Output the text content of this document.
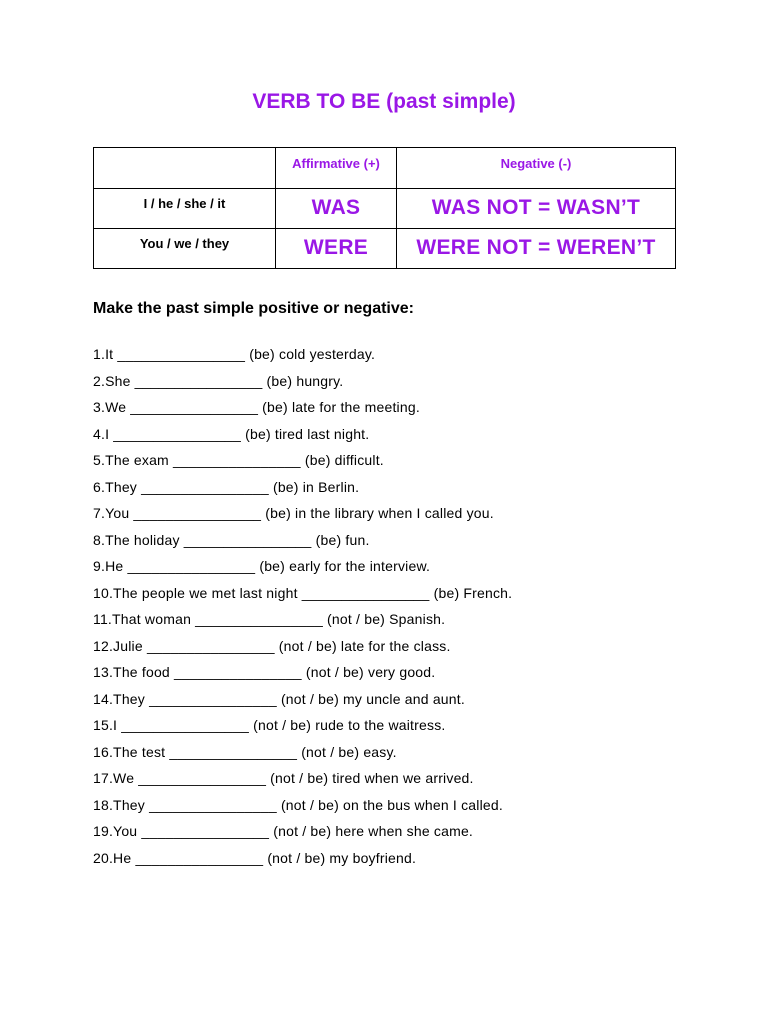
VERB TO BE (past simple)

	Affirmative (+)	Negative (-)

I / he / she / it	WAS	WAS NOT = WASN’T

You / we / they	WERE	WERE NOT = WEREN’T

Make the past simple positive or negative:

1.It ________________ (be) cold yesterday.
2.She ________________ (be) hungry.
3.We ________________ (be) late for the meeting.
4.I ________________ (be) tired last night.
5.The exam ________________ (be) difficult.
6.They ________________ (be) in Berlin.
7.You ________________ (be) in the library when I called you.
8.The holiday ________________ (be) fun.
9.He ________________ (be) early for the interview.
10.The people we met last night ________________ (be) French.
11.That woman ________________ (not / be) Spanish.
12.Julie ________________ (not / be) late for the class.
13.The food ________________ (not / be) very good.
14.They ________________ (not / be) my uncle and aunt.
15.I ________________ (not / be) rude to the waitress.
16.The test ________________ (not / be) easy.
17.We ________________ (not / be) tired when we arrived.
18.They ________________ (not / be) on the bus when I called.
19.You ________________ (not / be) here when she came.
20.He ________________ (not / be) my boyfriend.
